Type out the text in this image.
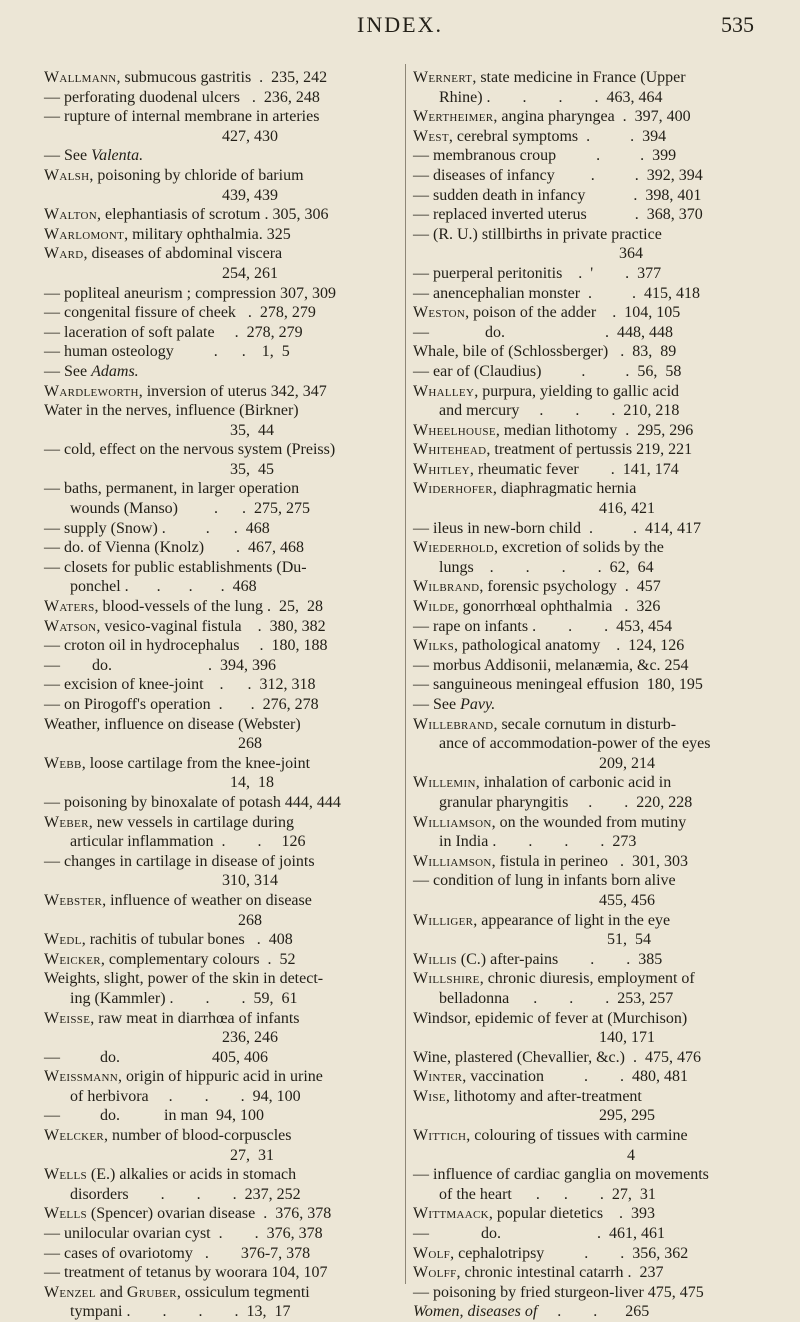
INDEX.	535
Wallmann, submucous gastritis  .  235, 242
— perforating duodenal ulcers   .  236, 248
— rupture of internal membrane in arteries
427, 430
— See Valenta.
Walsh, poisoning by chloride of barium
439, 439
Walton, elephantiasis of scrotum . 305, 306
Warlomont, military ophthalmia. 325
Ward, diseases of abdominal viscera
254, 261
— popliteal aneurism ; compression 307, 309
— congenital fissure of cheek   .  278, 279
— laceration of soft palate     .  278, 279
— human osteology          .      .    1,  5
— See Adams.
Wardleworth, inversion of uterus 342, 347
Water in the nerves, influence (Birkner)
35,  44
— cold, effect on the nervous system (Preiss)
35,  45
— baths, permanent, in larger operation
wounds (Manso)         .      .  275, 275
— supply (Snow) .          .      .  468
— do. of Vienna (Knolz)        .  467, 468
— closets for public establishments (Du-
ponchel .       .       .       .  468
Waters, blood-vessels of the lung .  25,  28
Watson, vesico-vaginal fistula    .  380, 382
— croton oil in hydrocephalus     .  180, 188
—        do.                        .  394, 396
— excision of knee-joint    .      .  312, 318
— on Pirogoff's operation  .       .  276, 278
Weather, influence on disease (Webster)
268
Webb, loose cartilage from the knee-joint
14,  18
— poisoning by binoxalate of potash 444, 444
Weber, new vessels in cartilage during
articular inflammation  .        .     126
— changes in cartilage in disease of joints
310, 314
Webster, influence of weather on disease
268
Wedl, rachitis of tubular bones   .  408
Weicker, complementary colours  .  52
Weights, slight, power of the skin in detect-
ing (Kammler) .        .        .  59,  61
Weisse, raw meat in diarrhœa of infants
236, 246
—          do.                       405, 406
Weissmann, origin of hippuric acid in urine
of herbivora     .        .        .  94, 100
—          do.           in man  94, 100
Welcker, number of blood-corpuscles
27,  31
Wells (E.) alkalies or acids in stomach
disorders        .        .        .  237, 252
Wells (Spencer) ovarian disease  .  376, 378
— unilocular ovarian cyst  .        .  376, 378
— cases of ovariotomy   .        376-7, 378
— treatment of tetanus by woorara 104, 107
Wenzel and Gruber, ossiculum tegmenti
tympani .        .        .        .  13,  17
Wernert, state medicine in France (Upper
Rhine) .        .        .        .  463, 464
Wertheimer, angina pharyngea  .  397, 400
West, cerebral symptoms  .          .  394
— membranous croup          .          .  399
— diseases of infancy         .          .  392, 394
— sudden death in infancy            .  398, 401
— replaced inverted uterus            .  368, 370
— (R. U.) stillbirths in private practice
364
— puerperal peritonitis    .  '        .  377
— anencephalian monster  .          .  415, 418
Weston, poison of the adder    .  104, 105
—              do.                         .  448, 448
Whale, bile of (Schlossberger)   .  83,  89
— ear of (Claudius)          .          .  56,  58
Whalley, purpura, yielding to gallic acid
and mercury     .        .        .  210, 218
Wheelhouse, median lithotomy  .  295, 296
Whitehead, treatment of pertussis 219, 221
Whitley, rheumatic fever        .  141, 174
Widerhofer, diaphragmatic hernia
416, 421
— ileus in new-born child  .          .  414, 417
Wiederhold, excretion of solids by the
lungs    .        .        .        .  62,  64
Wilbrand, forensic psychology  .  457
Wilde, gonorrhœal ophthalmia   .  326
— rape on infants .        .        .  453, 454
Wilks, pathological anatomy    .  124, 126
— morbus Addisonii, melanæmia, &c. 254
— sanguineous meningeal effusion  180, 195
— See Pavy.
Willebrand, secale cornutum in disturb-
ance of accommodation-power of the eyes
209, 214
Willemin, inhalation of carbonic acid in
granular pharyngitis     .        .  220, 228
Williamson, on the wounded from mutiny
in India .        .        .        .  273
Williamson, fistula in perineo   .  301, 303
— condition of lung in infants born alive
455, 456
Williger, appearance of light in the eye
51,  54
Willis (C.) after-pains        .        .  385
Willshire, chronic diuresis, employment of
belladonna      .        .        .  253, 257
Windsor, epidemic of fever at (Murchison)
140, 171
Wine, plastered (Chevallier, &c.)  .  475, 476
Winter, vaccination          .        .  480, 481
Wise, lithotomy and after-treatment
295, 295
Wittich, colouring of tissues with carmine
4
— influence of cardiac ganglia on movements
of the heart      .      .        .  27,  31
Wittmaack, popular dietetics    .  393
—             do.                        .  461, 461
Wolf, cephalotripsy          .        .  356, 362
Wolff, chronic intestinal catarrh .  237
— poisoning by fried sturgeon-liver 475, 475
Women, diseases of     .        .       265
